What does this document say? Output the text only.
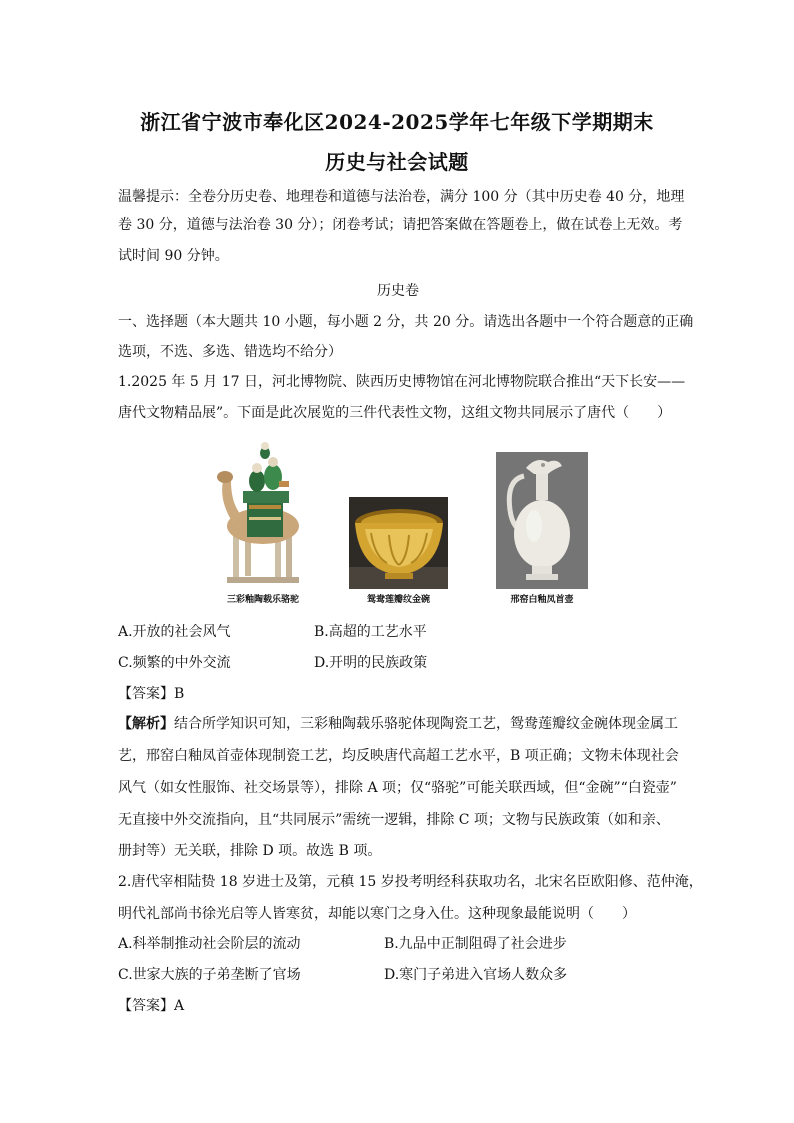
浙江省宁波市奉化区2024-2025学年七年级下学期期末
历史与社会试题
温馨提示：全卷分历史卷、地理卷和道德与法治卷，满分 100 分（其中历史卷 40 分，地理
卷 30 分，道德与法治卷 30 分）；闭卷考试；请把答案做在答题卷上，做在试卷上无效。考
试时间 90 分钟。
历史卷
一、选择题（本大题共 10 小题，每小题 2 分，共 20 分。请选出各题中一个符合题意的正确
选项，不选、多选、错选均不给分）
1.2025 年 5 月 17 日，河北博物院、陕西历史博物馆在河北博物院联合推出“天下长安——
唐代文物精品展”。下面是此次展览的三件代表性文物，这组文物共同展示了唐代（　　）
三彩釉陶载乐骆驼	鸳鸯莲瓣纹金碗	邢窑白釉凤首壶
A.开放的社会风气	B.高超的工艺水平
C.频繁的中外交流	D.开明的民族政策
【答案】B
【解析】结合所学知识可知，三彩釉陶载乐骆驼体现陶瓷工艺，鸳鸯莲瓣纹金碗体现金属工
艺，邢窑白釉凤首壶体现制瓷工艺，均反映唐代高超工艺水平，B 项正确；文物未体现社会
风气（如女性服饰、社交场景等），排除 A 项；仅“骆驼”可能关联西域，但“金碗”“白瓷壶”
无直接中外交流指向，且“共同展示”需统一逻辑，排除 C 项；文物与民族政策（如和亲、
册封等）无关联，排除 D 项。故选 B 项。
2.唐代宰相陆贽 18 岁进士及第，元稹 15 岁投考明经科获取功名，北宋名臣欧阳修、范仲淹，
明代礼部尚书徐光启等人皆寒贫，却能以寒门之身入仕。这种现象最能说明（　　）
A.科举制推动社会阶层的流动	B.九品中正制阻碍了社会进步
C.世家大族的子弟垄断了官场	D.寒门子弟进入官场人数众多
【答案】A
